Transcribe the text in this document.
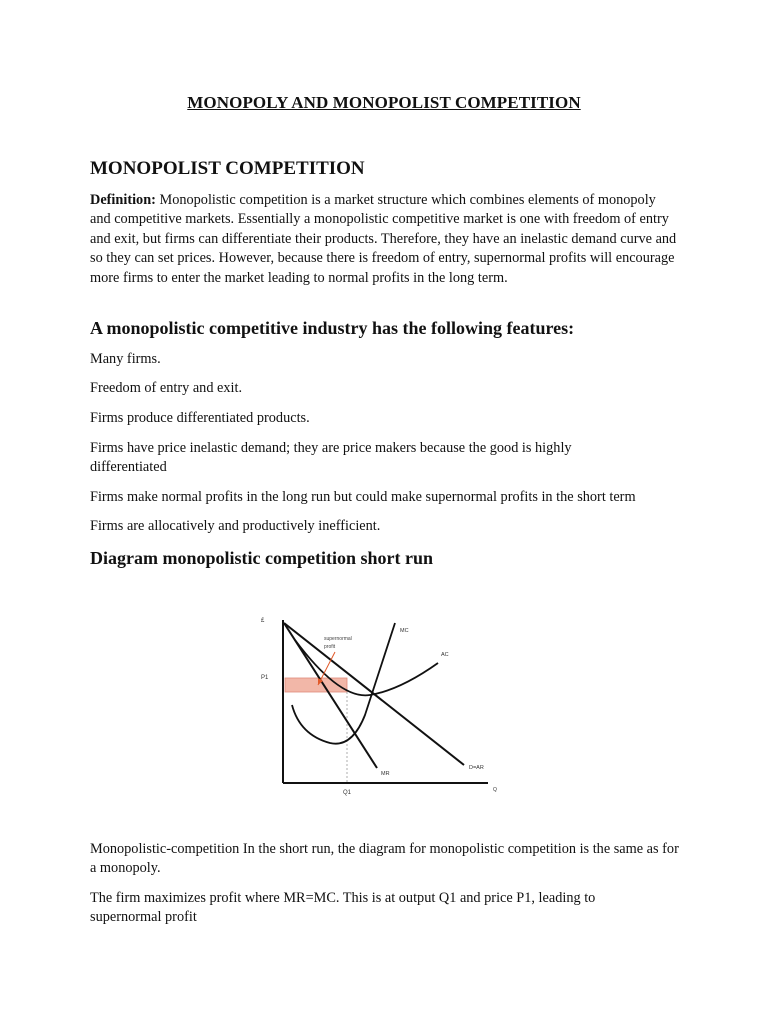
MONOPOLY AND MONOPOLIST COMPETITION
MONOPOLIST COMPETITION
Definition: Monopolistic competition is a market structure which combines elements of monopoly and competitive markets. Essentially a monopolistic competitive market is one with freedom of entry and exit, but firms can differentiate their products. Therefore, they have an inelastic demand curve and so they can set prices. However, because there is freedom of entry, supernormal profits will encourage more firms to enter the market leading to normal profits in the long term.
A monopolistic competitive industry has the following features:
Many firms.
Freedom of entry and exit.
Firms produce differentiated products.
Firms have price inelastic demand; they are price makers because the good is highly differentiated
Firms make normal profits in the long run but could make supernormal profits in the short term
Firms are allocatively and productively inefficient.
Diagram monopolistic competition short run
£
P1
Q1	Q
MC
AC
MR
D=AR
supernormal
profit
Monopolistic-competition In the short run, the diagram for monopolistic competition is the same as for a monopoly.
The firm maximizes profit where MR=MC. This is at output Q1 and price P1, leading to supernormal profit
